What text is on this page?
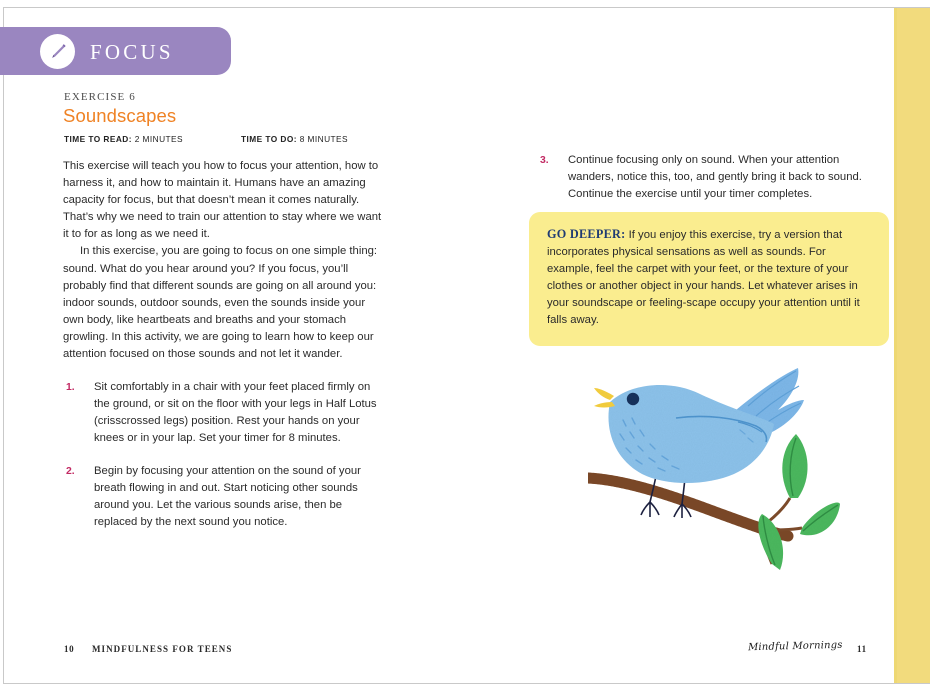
FOCUS
EXERCISE 6
Soundscapes
TIME TO READ: 2 MINUTES	TIME TO DO: 8 MINUTES

This exercise will teach you how to focus your attention, how to harness it, and how to maintain it. Humans have an amazing capacity for focus, but that doesn’t mean it comes naturally. That’s why we need to train our attention to stay where we want it to for as long as we need it.

In this exercise, you are going to focus on one simple thing: sound. What do you hear around you? If you focus, you’ll probably find that different sounds are going on all around you: indoor sounds, outdoor sounds, even the sounds inside your own body, like heartbeats and breaths and your stomach growling. In this activity, we are going to learn how to keep our attention focused on those sounds and not let it wander.

1. Sit comfortably in a chair with your feet placed firmly on the ground, or sit on the floor with your legs in Half Lotus (crisscrossed legs) position. Rest your hands on your knees or in your lap. Set your timer for 8 minutes.
2. Begin by focusing your attention on the sound of your breath flowing in and out. Start noticing other sounds around you. Let the various sounds arise, then be replaced by the next sound you notice.
3. Continue focusing only on sound. When your attention wanders, notice this, too, and gently bring it back to sound. Continue the exercise until your timer completes.
GO DEEPER: If you enjoy this exercise, try a version that incorporates physical sensations as well as sounds. For example, feel the carpet with your feet, or the texture of your clothes or another object in your hands. Let whatever arises in your soundscape or feeling-scape occupy your attention until it falls away.
10 MINDFULNESS FOR TEENS	Mindful Mornings 11
